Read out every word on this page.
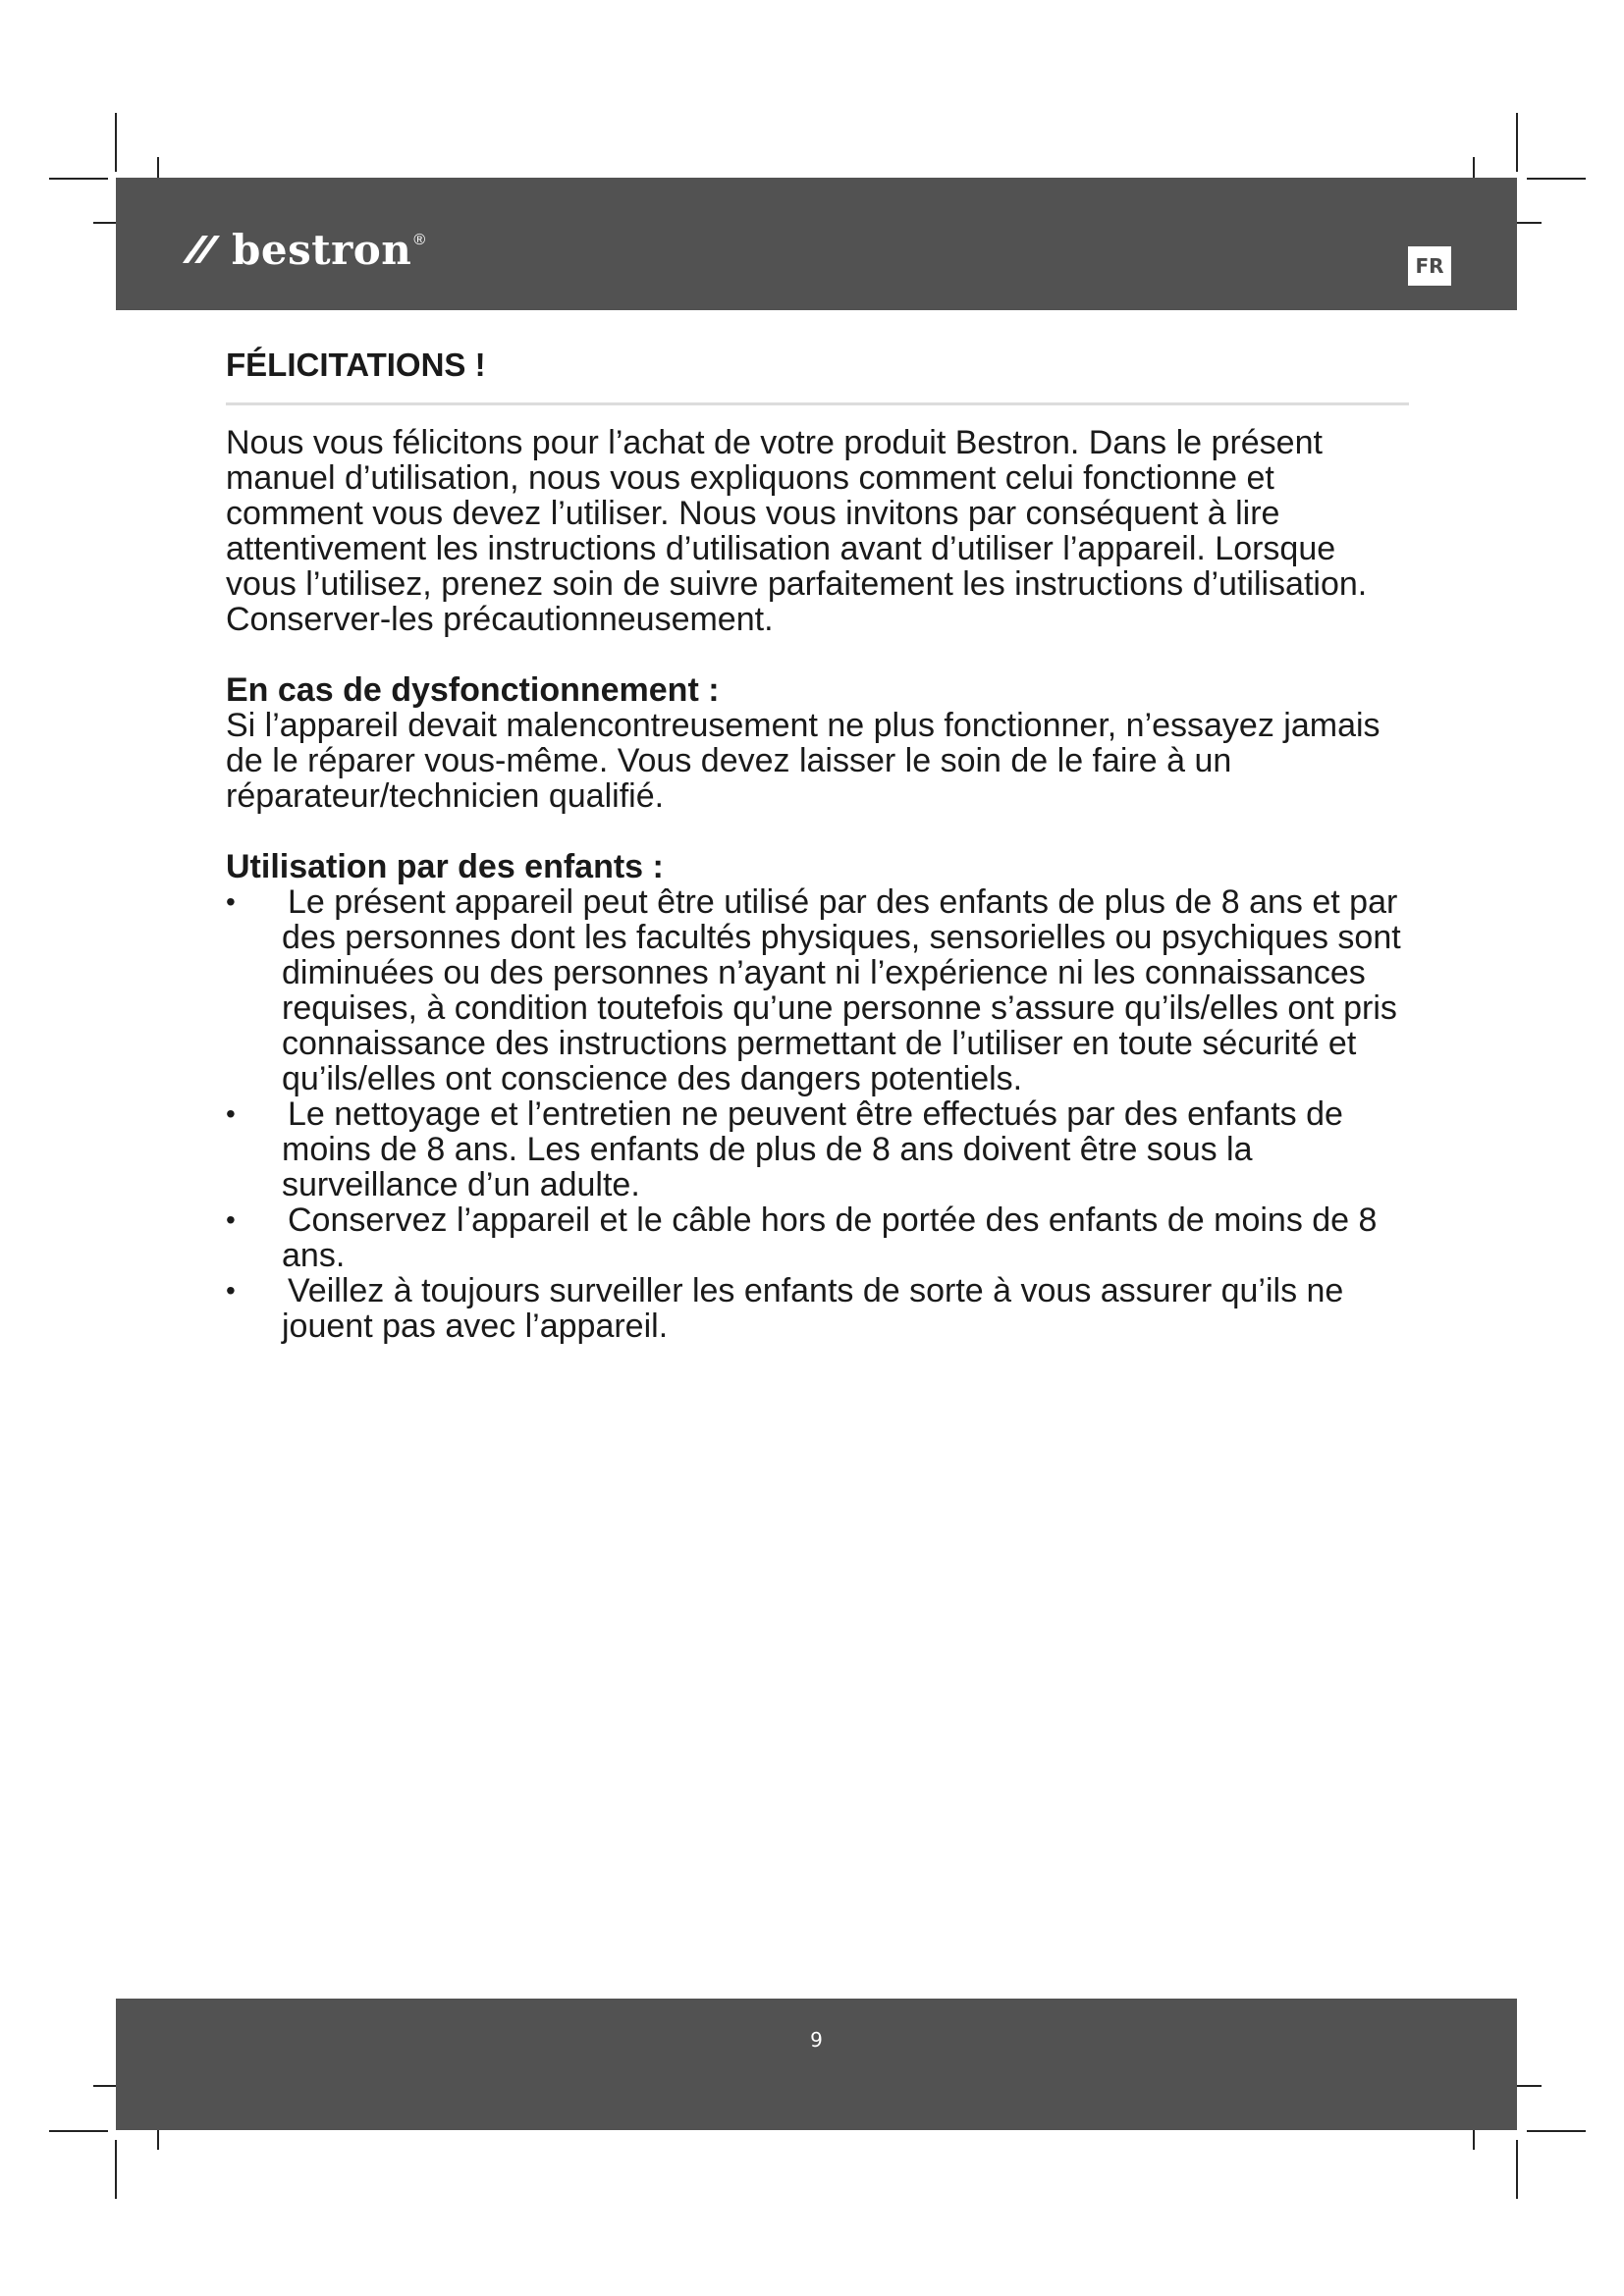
bestron ®
FR
FÉLICITATIONS !

Nous vous félicitons pour l’achat de votre produit Bestron. Dans le présent manuel d’utilisation, nous vous expliquons comment celui fonctionne et comment vous devez l’utiliser. Nous vous invitons par conséquent à lire attentivement les instructions d’utilisation avant d’utiliser l’appareil. Lorsque vous l’utilisez, prenez soin de suivre parfaitement les instructions d’utilisation. Conserver-les précautionneusement.

En cas de dysfonctionnement :

Si l’appareil devait malencontreusement ne plus fonctionner, n’essayez jamais de le réparer vous-même. Vous devez laisser le soin de le faire à un réparateur/technicien qualifié.

Utilisation par des enfants :
• Le présent appareil peut être utilisé par des enfants de plus de 8 ans et par des personnes dont les facultés physiques, sensorielles ou psychiques sont diminuées ou des personnes n’ayant ni l’expérience ni les connaissances requises, à condition toutefois qu’une personne s’assure qu’ils/elles ont pris connaissance des instructions permettant de l’utiliser en toute sécurité et qu’ils/elles ont conscience des dangers potentiels.
• Le nettoyage et l’entretien ne peuvent être effectués par des enfants de moins de 8 ans. Les enfants de plus de 8 ans doivent être sous la surveillance d’un adulte.
• Conservez l’appareil et le câble hors de portée des enfants de moins de 8 ans.
• Veillez à toujours surveiller les enfants de sorte à vous assurer qu’ils ne jouent pas avec l’appareil.
9
